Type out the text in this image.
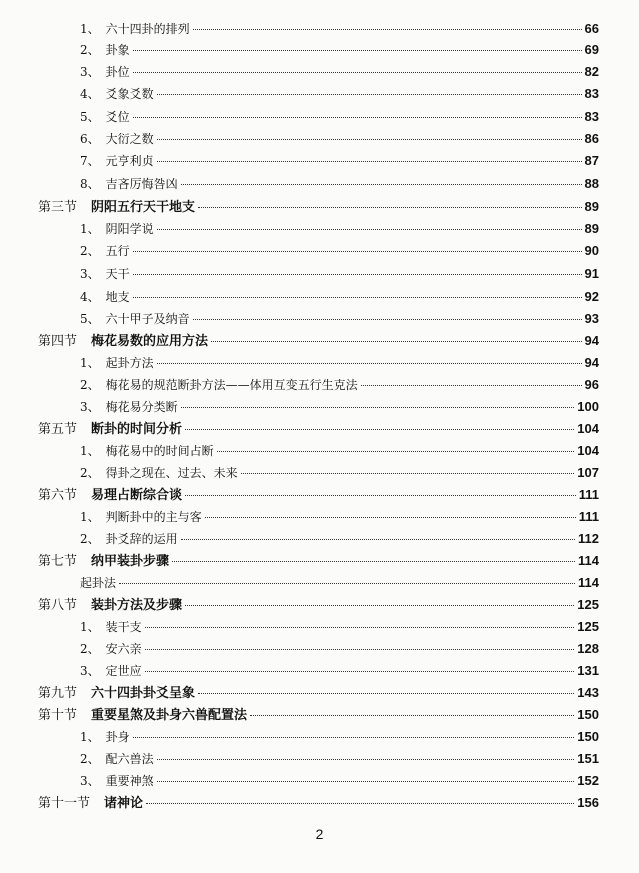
1、 六十四卦的排列	66
2、 卦象	69
3、 卦位	82
4、 爻象爻数	83
5、 爻位	83
6、 大衍之数	86
7、 元亨利贞	87
8、 吉吝厉悔咎凶	88
第三节 阴阳五行天干地支	89
1、 阴阳学说	89
2、 五行	90
3、 天干	91
4、 地支	92
5、 六十甲子及纳音	93
第四节 梅花易数的应用方法	94
1、 起卦方法	94
2、 梅花易的规范断卦方法——体用互变五行生克法	96
3、 梅花易分类断	100
第五节 断卦的时间分析	104
1、 梅花易中的时间占断	104
2、 得卦之现在、过去、未来	107
第六节 易理占断综合谈	111
1、 判断卦中的主与客	111
2、 卦爻辞的运用	112
第七节 纳甲装卦步骤	114
起卦法	114
第八节 装卦方法及步骤	125
1、 装干支	125
2、 安六亲	128
3、 定世应	131
第九节 六十四卦卦爻呈象	143
第十节 重要星煞及卦身六兽配置法	150
1、 卦身	150
2、 配六兽法	151
3、 重要神煞	152
第十一节 诸神论	156
2
